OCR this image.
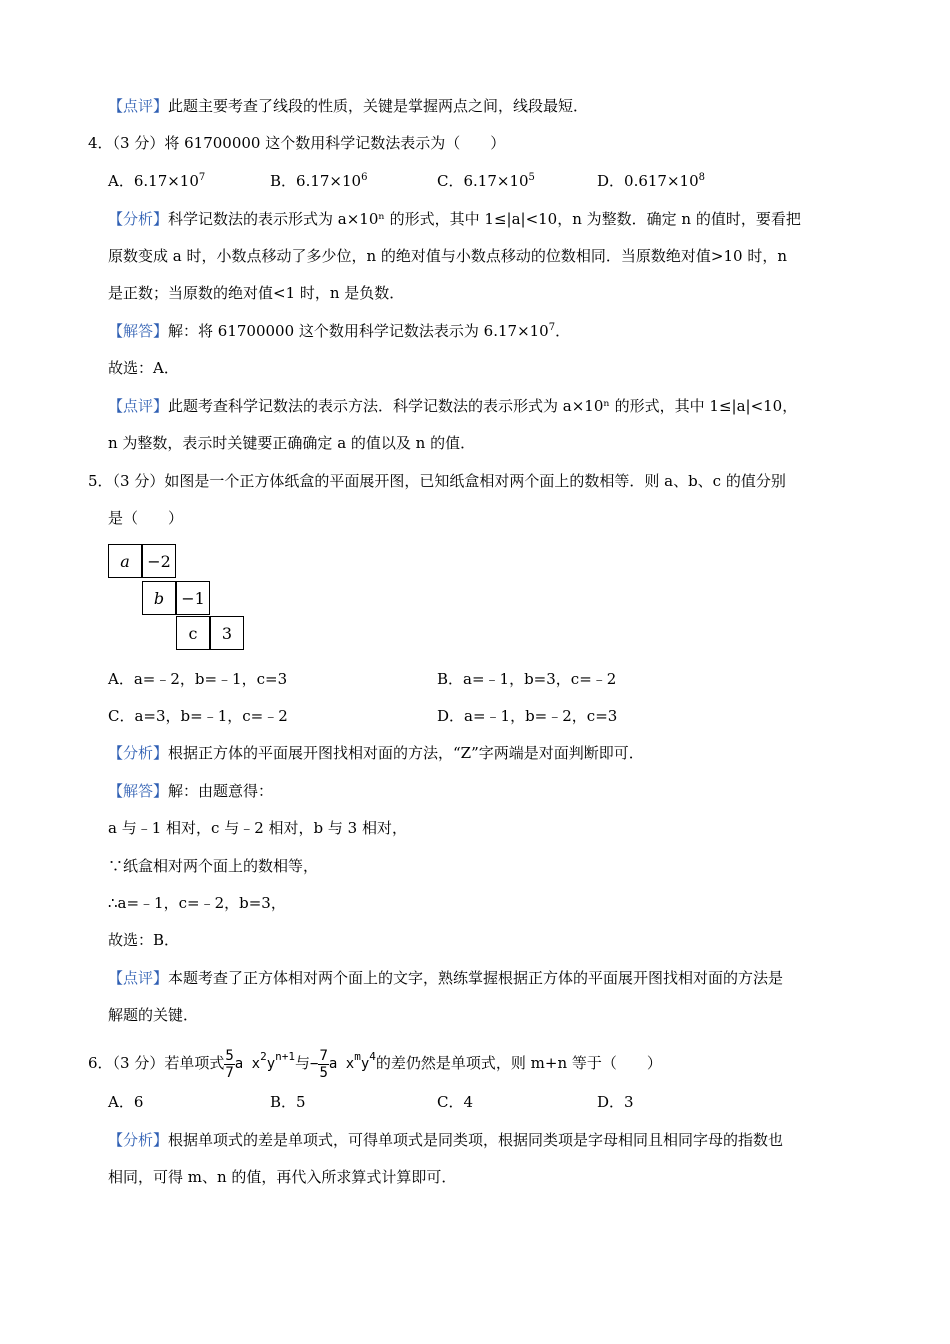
【点评】此题主要考查了线段的性质，关键是掌握两点之间，线段最短．
4．（3 分）将 61700000 这个数用科学记数法表示为（　　）
A．$6.17\times 10^7$	B．$6.17\times 10^6$	C．$6.17\times 10^5$	D．$0.617\times 10^8$
【分析】科学记数法的表示形式为 a×10ⁿ 的形式，其中 1≤|a|<10，n 为整数．确定 n 的值时，要看把
原数变成 a 时，小数点移动了多少位，n 的绝对值与小数点移动的位数相同．当原数绝对值>10 时，n
是正数；当原数的绝对值<1 时，n 是负数．
【解答】解：将 61700000 这个数用科学记数法表示为 $6.17\times 10^7$．
故选：A．
【点评】此题考查科学记数法的表示方法．科学记数法的表示形式为 a×10ⁿ 的形式，其中 1≤|a|<10，
n 为整数，表示时关键要正确确定 a 的值以及 n 的值．
5．（3 分）如图是一个正方体纸盒的平面展开图，已知纸盒相对两个面上的数相等．则 a、b、c 的值分别
是（　　）
a	−2
b	−1
c	3
A．a=﹣2，b=﹣1，c=3	B．a=﹣1，b=3，c=﹣2
C．a=3，b=﹣1，c=﹣2	D．a=﹣1，b=﹣2，c=3
【分析】根据正方体的平面展开图找相对面的方法，“Z”字两端是对面判断即可．
【解答】解：由题意得：
a 与﹣1 相对，c 与﹣2 相对，b 与 3 相对，
∵纸盒相对两个面上的数相等，
∴a=﹣1，c=﹣2，b=3，
故选：B．
【点评】本题考查了正方体相对两个面上的文字，熟练掌握根据正方体的平面展开图找相对面的方法是
解题的关键．
6．（3 分）若单项式 $\frac{5}{7}$ a $x^2y^{n+1}$与− $\frac{7}{5}$ a $x^my^4$的差仍然是单项式，则 m+n 等于（　　）
A．6	B．5	C．4	D．3
【分析】根据单项式的差是单项式，可得单项式是同类项，根据同类项是字母相同且相同字母的指数也
相同，可得 m、n 的值，再代入所求算式计算即可．
